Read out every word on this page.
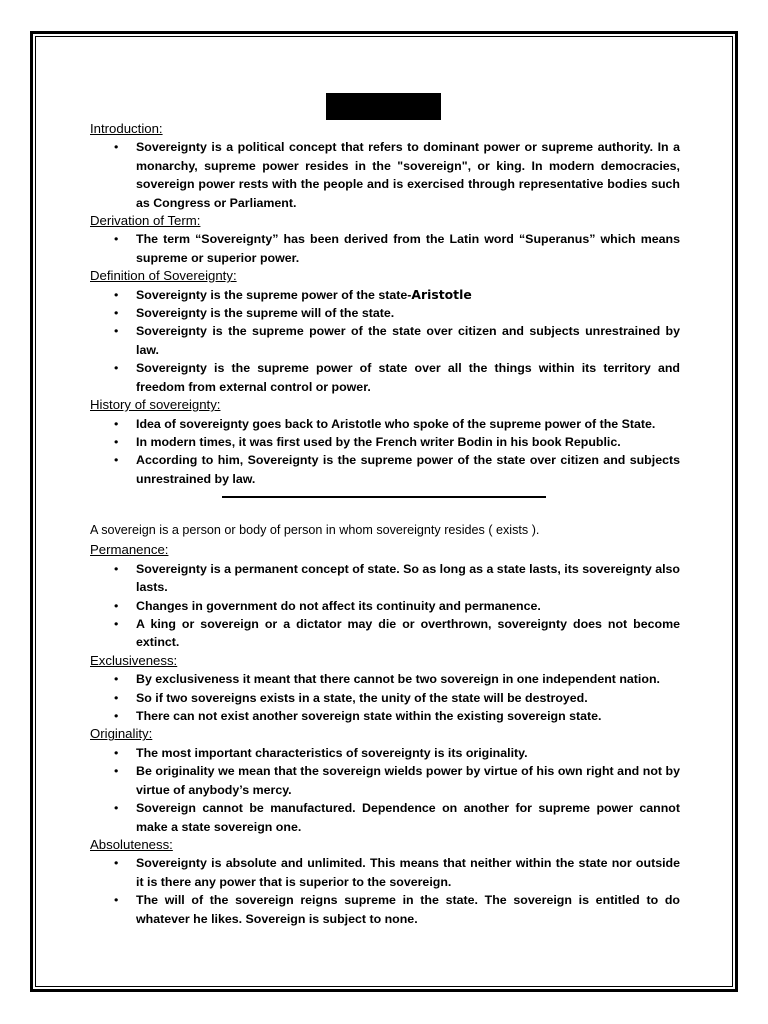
Introduction:
• Sovereignty is a political concept that refers to dominant power or supreme authority. In a monarchy, supreme power resides in the "sovereign", or king. In modern democracies, sovereign power rests with the people and is exercised through representative bodies such as Congress or Parliament.
Derivation of Term:
• The term “Sovereignty” has been derived from the Latin word “Superanus” which means supreme or superior power.
Definition of Sovereignty:
• Sovereignty is the supreme power of the state-Aristotle
• Sovereignty is the supreme will of the state.
• Sovereignty is the supreme power of the state over citizen and subjects unrestrained by law.
• Sovereignty is the supreme power of state over all the things within its territory and freedom from external control or power.
History of sovereignty:
• Idea of sovereignty goes back to Aristotle who spoke of the supreme power of the State.
• In modern times, it was first used by the French writer Bodin in his book Republic.
• According to him, Sovereignty is the supreme power of the state over citizen and subjects unrestrained by law.
A sovereign is a person or body of person in whom sovereignty resides ( exists ).
Permanence:
• Sovereignty is a permanent concept of state. So as long as a state lasts, its sovereignty also lasts.
• Changes in government do not affect its continuity and permanence.
• A king or sovereign or a dictator may die or overthrown, sovereignty does not become extinct.
Exclusiveness:
• By exclusiveness it meant that there cannot be two sovereign in one independent nation.
• So if two sovereigns exists in a state, the unity of the state will be destroyed.
• There can not exist another sovereign state within the existing sovereign state.
Originality:
• The most important characteristics of sovereignty is its originality.
• Be originality we mean that the sovereign wields power by virtue of his own right and not by virtue of anybody’s mercy.
• Sovereign cannot be manufactured. Dependence on another for supreme power cannot make a state sovereign one.
Absoluteness:
• Sovereignty is absolute and unlimited. This means that neither within the state nor outside it is there any power that is superior to the sovereign.
• The will of the sovereign reigns supreme in the state. The sovereign is entitled to do whatever he likes. Sovereign is subject to none.
